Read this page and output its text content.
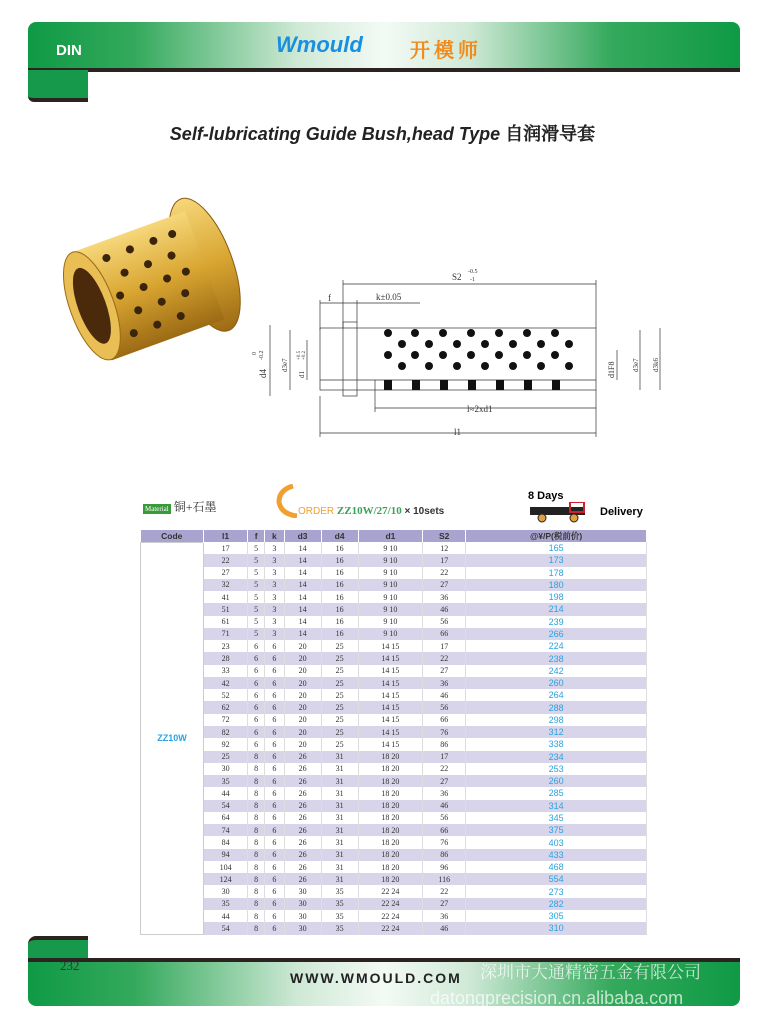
DIN	Wmould 开模师
Self-lubricating Guide Bush,head Type 自润滑导套
S2 -0.5
-1
f	k±0.05
l≈2xd1
l1
d4
0 -0.2
d3e7
d1
+0.5 +0.2
d1F8 d3e7 d3k6
Material 铜+石墨	ORDER ZZ10W/27/10 × 10sets
8 Days
Delivery
Code	l1	f	k	d3	d4	d1	S2	@¥/P(税前价)
ZZ10W	17	5	3	14	16	9 10	12	165
	22	5	3	14	16	9 10	17	173
	27	5	3	14	16	9 10	22	178
	32	5	3	14	16	9 10	27	180
	41	5	3	14	16	9 10	36	198
	51	5	3	14	16	9 10	46	214
	61	5	3	14	16	9 10	56	239
	71	5	3	14	16	9 10	66	266
	23	6	6	20	25	14 15	17	224
	28	6	6	20	25	14 15	22	238
	33	6	6	20	25	14 15	27	242
	42	6	6	20	25	14 15	36	260
	52	6	6	20	25	14 15	46	264
	62	6	6	20	25	14 15	56	288
	72	6	6	20	25	14 15	66	298
	82	6	6	20	25	14 15	76	312
	92	6	6	20	25	14 15	86	338
	25	8	6	26	31	18 20	17	234
	30	8	6	26	31	18 20	22	253
	35	8	6	26	31	18 20	27	260
	44	8	6	26	31	18 20	36	285
	54	8	6	26	31	18 20	46	314
	64	8	6	26	31	18 20	56	345
	74	8	6	26	31	18 20	66	375
	84	8	6	26	31	18 20	76	403
	94	8	6	26	31	18 20	86	433
	104	8	6	26	31	18 20	96	468
	124	8	6	26	31	18 20	116	554
	30	8	6	30	35	22 24	22	273
	35	8	6	30	35	22 24	27	282
	44	8	6	30	35	22 24	36	305
	54	8	6	30	35	22 24	46	310
232
WWW.WMOULD.COM 深圳市大通精密五金有限公司
datongprecision.cn.alibaba.com
